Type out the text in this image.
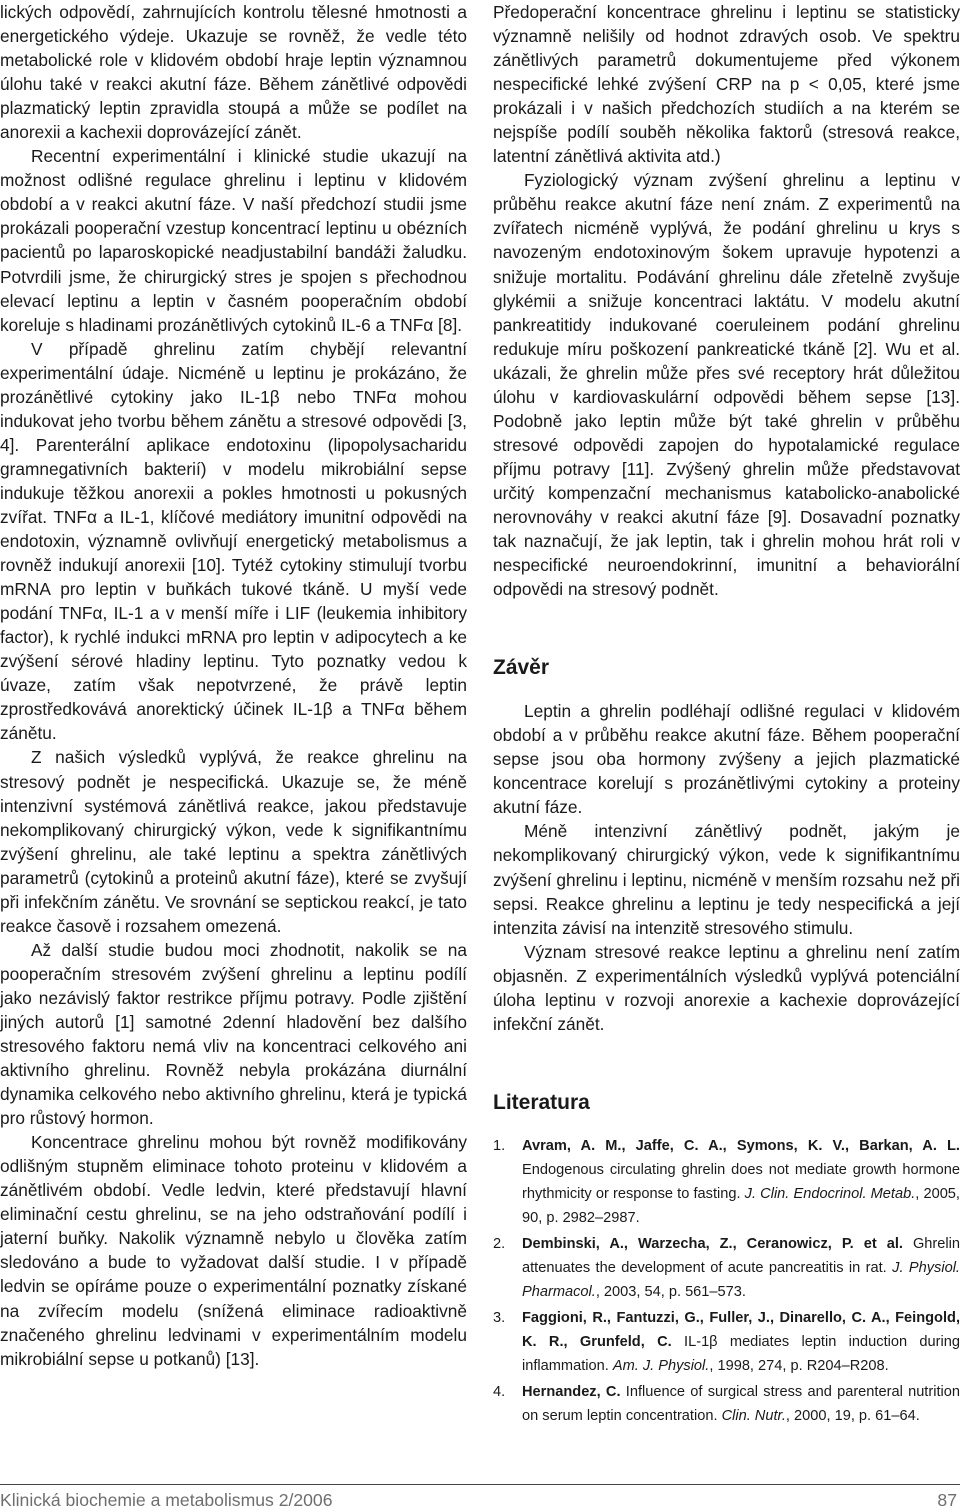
lických odpovědí, zahrnujících kontrolu tělesné hmotnosti a energetického výdeje. Ukazuje se rovněž, že vedle této metabolické role v klidovém období hraje leptin významnou úlohu také v reakci akutní fáze. Během zánětlivé odpovědi plazmatický leptin zpravidla stoupá a může se podílet na anorexii a kachexii doprovázející zánět.

Recentní experimentální i klinické studie ukazují na možnost odlišné regulace ghrelinu i leptinu v klidovém období a v reakci akutní fáze. V naší předchozí studii jsme prokázali pooperační vzestup koncentrací leptinu u obézních pacientů po laparoskopické neadjustabilní bandáži žaludku. Potvrdili jsme, že chirurgický stres je spojen s přechodnou elevací leptinu a leptin v časném pooperačním období koreluje s hladinami prozánětlivých cytokinů IL-6 a TNFα [8].

V případě ghrelinu zatím chybějí relevantní experimentální údaje. Nicméně u leptinu je prokázáno, že prozánětlivé cytokiny jako IL-1β nebo TNFα mohou indukovat jeho tvorbu během zánětu a stresové odpovědi [3, 4]. Parenterální aplikace endotoxinu (lipopolysacharidu gramnegativních bakterií) v modelu mikrobiální sepse indukuje těžkou anorexii a pokles hmotnosti u pokusných zvířat. TNFα a IL-1, klíčové mediátory imunitní odpovědi na endotoxin, významně ovlivňují energetický metabolismus a rovněž indukují anorexii [10]. Tytéž cytokiny stimulují tvorbu mRNA pro leptin v buňkách tukové tkáně. U myší vede podání TNFα, IL-1 a v menší míře i LIF (leukemia inhibitory factor), k rychlé indukci mRNA pro leptin v adipocytech a ke zvýšení sérové hladiny leptinu. Tyto poznatky vedou k úvaze, zatím však nepotvrzené, že právě leptin zprostředkovává anorektický účinek IL-1β a TNFα během zánětu.

Z našich výsledků vyplývá, že reakce ghrelinu na stresový podnět je nespecifická. Ukazuje se, že méně intenzivní systémová zánětlivá reakce, jakou představuje nekomplikovaný chirurgický výkon, vede k signifikantnímu zvýšení ghrelinu, ale také leptinu a spektra zánětlivých parametrů (cytokinů a proteinů akutní fáze), které se zvyšují při infekčním zánětu. Ve srovnání se septickou reakcí, je tato reakce časově i rozsahem omezená.

Až další studie budou moci zhodnotit, nakolik se na pooperačním stresovém zvýšení ghrelinu a leptinu podílí jako nezávislý faktor restrikce příjmu potravy. Podle zjištění jiných autorů [1] samotné 2denní hladovění bez dalšího stresového faktoru nemá vliv na koncentraci celkového ani aktivního ghrelinu. Rovněž nebyla prokázána diurnální dynamika celkového nebo aktivního ghrelinu, která je typická pro růstový hormon.

Koncentrace ghrelinu mohou být rovněž modifikovány odlišným stupněm eliminace tohoto proteinu v klidovém a zánětlivém období. Vedle ledvin, které představují hlavní eliminační cestu ghrelinu, se na jeho odstraňování podílí i jaterní buňky. Nakolik významně nebylo u člověka zatím sledováno a bude to vyžadovat další studie. I v případě ledvin se opíráme pouze o experimentální poznatky získané na zvířecím modelu (snížená eliminace radioaktivně značeného ghrelinu ledvinami v experimentálním modelu mikrobiální sepse u potkanů) [13].

Předoperační koncentrace ghrelinu i leptinu se statisticky významně nelišily od hodnot zdravých osob. Ve spektru zánětlivých parametrů dokumentujeme před výkonem nespecifické lehké zvýšení CRP na p < 0,05, které jsme prokázali i v našich předchozích studiích a na kterém se nejspíše podílí souběh několika faktorů (stresová reakce, latentní zánětlivá aktivita atd.)

Fyziologický význam zvýšení ghrelinu a leptinu v průběhu reakce akutní fáze není znám. Z experimentů na zvířatech nicméně vyplývá, že podání ghrelinu u krys s navozeným endotoxinovým šokem upravuje hypotenzi a snižuje mortalitu. Podávání ghrelinu dále zřetelně zvyšuje glykémii a snižuje koncentraci laktátu. V modelu akutní pankreatitidy indukované coeruleinem podání ghrelinu redukuje míru poškození pankreatické tkáně [2]. Wu et al. ukázali, že ghrelin může přes své receptory hrát důležitou úlohu v kardiovaskulární odpovědi během sepse [13]. Podobně jako leptin může být také ghrelin v průběhu stresové odpovědi zapojen do hypotalamické regulace příjmu potravy [11]. Zvýšený ghrelin může představovat určitý kompenzační mechanismus katabolicko-anabolické nerovnováhy v reakci akutní fáze [9]. Dosavadní poznatky tak naznačují, že jak leptin, tak i ghrelin mohou hrát roli v nespecifické neuroendokrinní, imunitní a behaviorální odpovědi na stresový podnět.

Závěr

Leptin a ghrelin podléhají odlišné regulaci v klidovém období a v průběhu reakce akutní fáze. Během pooperační sepse jsou oba hormony zvýšeny a jejich plazmatické koncentrace korelují s prozánětlivými cytokiny a proteiny akutní fáze.

Méně intenzivní zánětlivý podnět, jakým je nekomplikovaný chirurgický výkon, vede k signifikantnímu zvýšení ghrelinu i leptinu, nicméně v menším rozsahu než při sepsi. Reakce ghrelinu a leptinu je tedy nespecifická a její intenzita závisí na intenzitě stresového stimulu.

Význam stresové reakce leptinu a ghrelinu není zatím objasněn. Z experimentálních výsledků vyplývá potenciální úloha leptinu v rozvoji anorexie a kachexie doprovázející infekční zánět.

Literatura
1. Avram, A. M., Jaffe, C. A., Symons, K. V., Barkan, A. L. Endogenous circulating ghrelin does not mediate growth hormone rhythmicity or response to fasting. J. Clin. Endocrinol. Metab., 2005, 90, p. 2982–2987.
2. Dembinski, A., Warzecha, Z., Ceranowicz, P. et al. Ghrelin attenuates the development of acute pancreatitis in rat. J. Physiol. Pharmacol., 2003, 54, p. 561–573.
3. Faggioni, R., Fantuzzi, G., Fuller, J., Dinarello, C. A., Feingold, K. R., Grunfeld, C. IL-1β mediates leptin induction during inflammation. Am. J. Physiol., 1998, 274, p. R204–R208.
4. Hernandez, C. Influence of surgical stress and parenteral nutrition on serum leptin concentration. Clin. Nutr., 2000, 19, p. 61–64.
Klinická biochemie a metabolismus 2/2006	87
